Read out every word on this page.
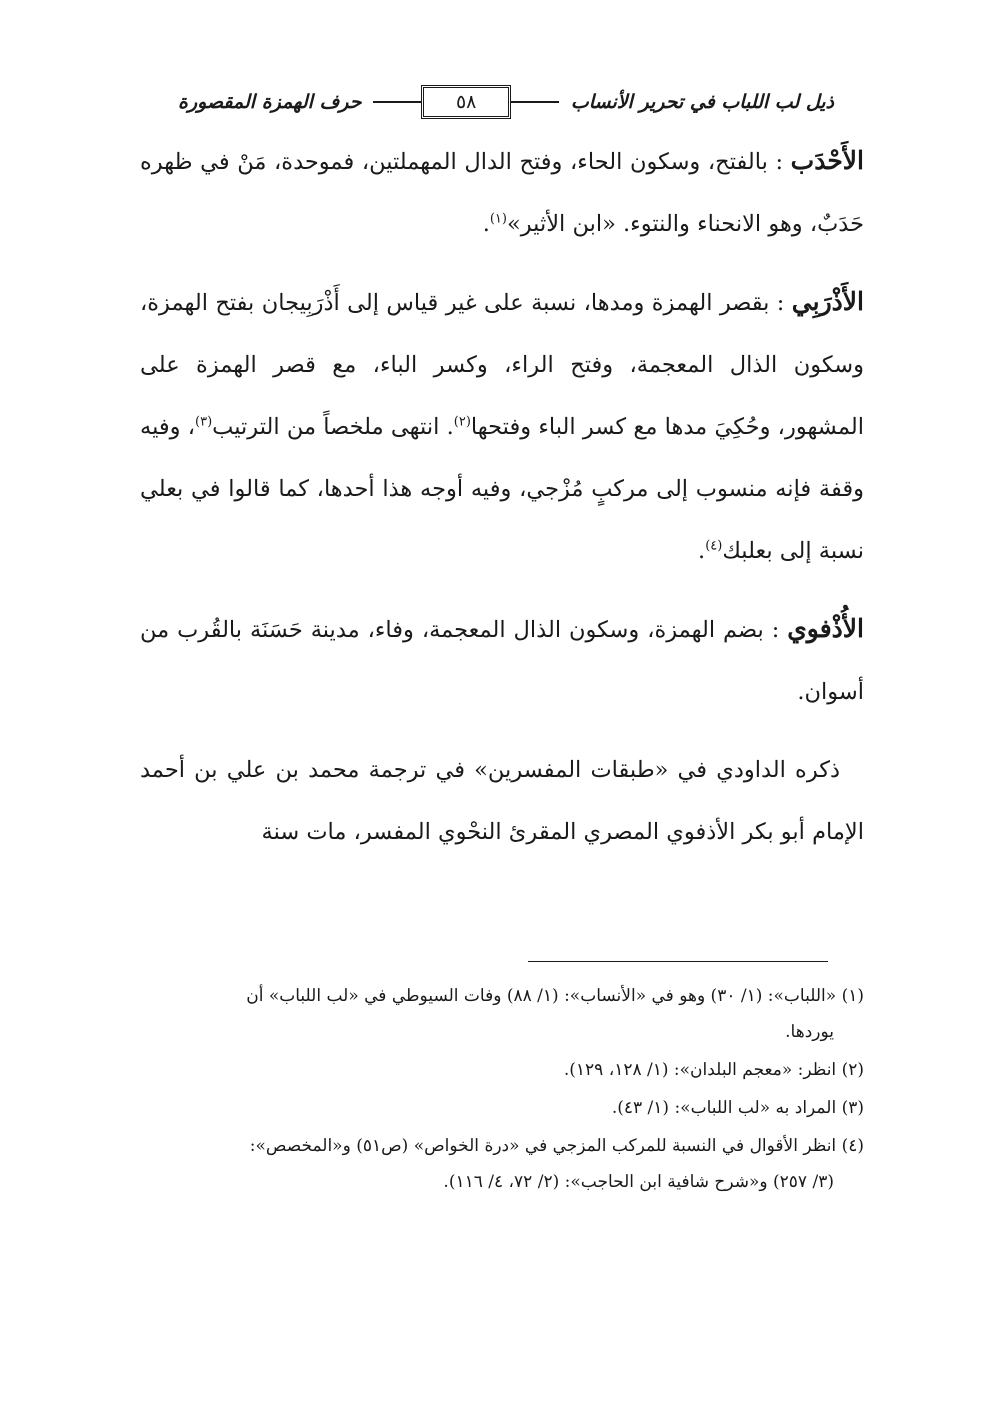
ذيل لب اللباب في تحرير الأنساب
٥٨
حرف الهمزة المقصورة

الأَحْدَب : بالفتح، وسكون الحاء، وفتح الدال المهملتين، فموحدة، مَنْ في ظهره حَدَبٌ، وهو الانحناء والنتوء. «ابن الأثير»$^{(١)}$.

الأَذْرَبِي : بقصر الهمزة ومدها، نسبة على غير قياس إلى أَذْرَبِيجان بفتح الهمزة، وسكون الذال المعجمة، وفتح الراء، وكسر الباء، مع قصر الهمزة على المشهور، وحُكِيَ مدها مع كسر الباء وفتحها$^{(٢)}$. انتهى ملخصاً من الترتيب$^{(٣)}$، وفيه وقفة فإنه منسوب إلى مركبٍ مُزْجي، وفيه أوجه هذا أحدها، كما قالوا في بعلي نسبة إلى بعلبك$^{(٤)}$.

الأُذْفوي : بضم الهمزة، وسكون الذال المعجمة، وفاء، مدينة حَسَنَة بالقُرب من أسوان.

ذكره الداودي في «طبقات المفسرين» في ترجمة محمد بن علي بن أحمد الإمام أبو بكر الأذفوي المصري المقرئ النحْوي المفسر، مات سنة

(١) «اللباب»: (١/ ٣٠) وهو في «الأنساب»: (١/ ٨٨) وفات السيوطي في «لب اللباب» أن
يوردها.
(٢) انظر: «معجم البلدان»: (١/ ١٢٨، ١٢٩).
(٣) المراد به «لب اللباب»: (١/ ٤٣).
(٤) انظر الأقوال في النسبة للمركب المزجي في «درة الخواص» (ص٥١) و«المخصص»:
(٣/ ٢٥٧) و«شرح شافية ابن الحاجب»: (٢/ ٧٢، ٤/ ١١٦).
